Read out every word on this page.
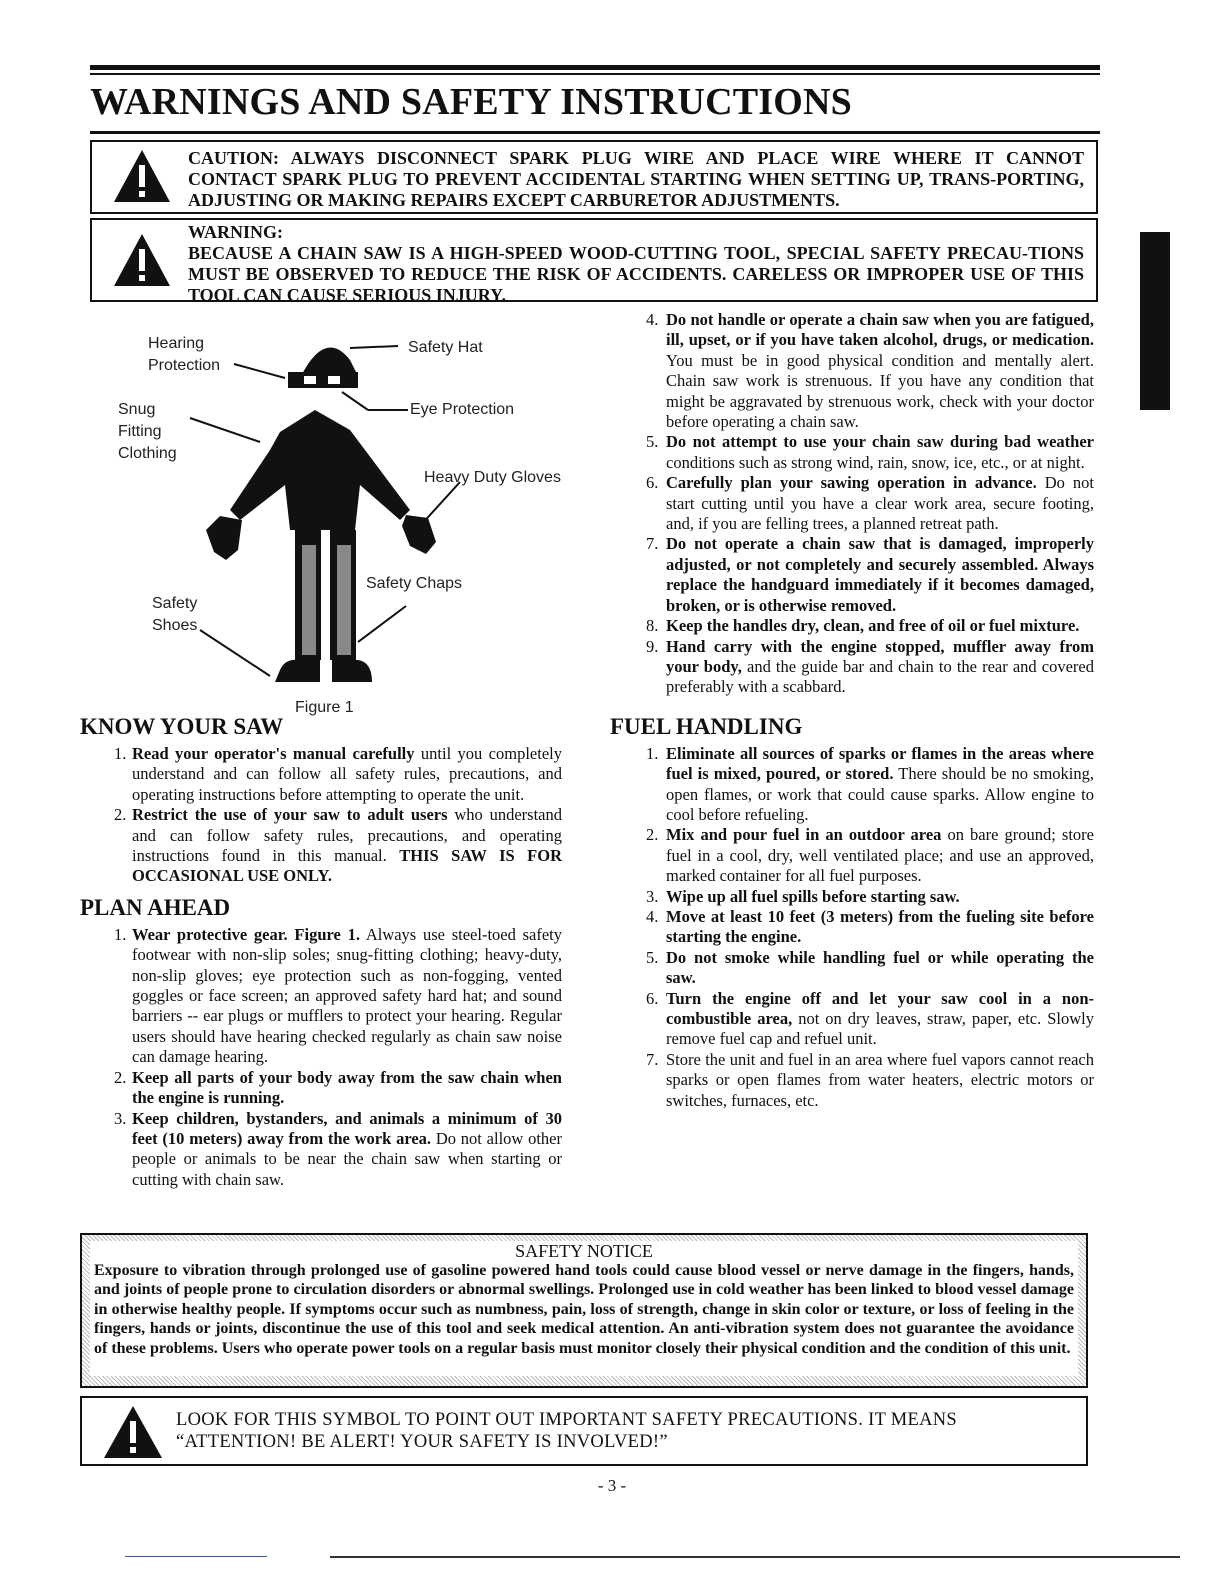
WARNINGS AND SAFETY INSTRUCTIONS
CAUTION: ALWAYS DISCONNECT SPARK PLUG WIRE AND PLACE WIRE WHERE IT CANNOT CONTACT SPARK PLUG TO PREVENT ACCIDENTAL STARTING WHEN SETTING UP, TRANS-PORTING, ADJUSTING OR MAKING REPAIRS EXCEPT CARBURETOR ADJUSTMENTS.
WARNING:
BECAUSE A CHAIN SAW IS A HIGH-SPEED WOOD-CUTTING TOOL, SPECIAL SAFETY PRECAU-TIONS MUST BE OBSERVED TO REDUCE THE RISK OF ACCIDENTS. CARELESS OR IMPROPER USE OF THIS TOOL CAN CAUSE SERIOUS INJURY.
Hearing
Protection
Safety Hat
Snug
Fitting
Clothing
Eye Protection
Heavy Duty Gloves
Safety Chaps
Safety
Shoes
Figure 1

KNOW YOUR SAW

1. Read your operator's manual carefully until you completely understand and can follow all safety rules, precautions, and operating instructions before attempting to operate the unit.
2. Restrict the use of your saw to adult users who understand and can follow safety rules, precautions, and operating instructions found in this manual. THIS SAW IS FOR OCCASIONAL USE ONLY.

PLAN AHEAD

1. Wear protective gear. Figure 1. Always use steel-toed safety footwear with non-slip soles; snug-fitting clothing; heavy-duty, non-slip gloves; eye protection such as non-fogging, vented goggles or face screen; an approved safety hard hat; and sound barriers -- ear plugs or mufflers to protect your hearing. Regular users should have hearing checked regularly as chain saw noise can damage hearing.
2. Keep all parts of your body away from the saw chain when the engine is running.
3. Keep children, bystanders, and animals a minimum of 30 feet (10 meters) away from the work area. Do not allow other people or animals to be near the chain saw when starting or cutting with chain saw.
4. Do not handle or operate a chain saw when you are fatigued, ill, upset, or if you have taken alcohol, drugs, or medication. You must be in good physical condition and mentally alert. Chain saw work is strenuous. If you have any condition that might be aggravated by strenuous work, check with your doctor before operating a chain saw.
5. Do not attempt to use your chain saw during bad weather conditions such as strong wind, rain, snow, ice, etc., or at night.
6. Carefully plan your sawing operation in advance. Do not start cutting until you have a clear work area, secure footing, and, if you are felling trees, a planned retreat path.
7. Do not operate a chain saw that is damaged, improperly adjusted, or not completely and securely assembled. Always replace the handguard immediately if it becomes damaged, broken, or is otherwise removed.
8. Keep the handles dry, clean, and free of oil or fuel mixture.
9. Hand carry with the engine stopped, muffler away from your body, and the guide bar and chain to the rear and covered preferably with a scabbard.

FUEL HANDLING

1. Eliminate all sources of sparks or flames in the areas where fuel is mixed, poured, or stored. There should be no smoking, open flames, or work that could cause sparks. Allow engine to cool before refueling.
2. Mix and pour fuel in an outdoor area on bare ground; store fuel in a cool, dry, well ventilated place; and use an approved, marked container for all fuel purposes.
3. Wipe up all fuel spills before starting saw.
4. Move at least 10 feet (3 meters) from the fueling site before starting the engine.
5. Do not smoke while handling fuel or while operating the saw.
6. Turn the engine off and let your saw cool in a non-combustible area, not on dry leaves, straw, paper, etc. Slowly remove fuel cap and refuel unit.
7. Store the unit and fuel in an area where fuel vapors cannot reach sparks or open flames from water heaters, electric motors or switches, furnaces, etc.
SAFETY NOTICE
Exposure to vibration through prolonged use of gasoline powered hand tools could cause blood vessel or nerve damage in the fingers, hands, and joints of people prone to circulation disorders or abnormal swellings. Prolonged use in cold weather has been linked to blood vessel damage in otherwise healthy people. If symptoms occur such as numbness, pain, loss of strength, change in skin color or texture, or loss of feeling in the fingers, hands or joints, discontinue the use of this tool and seek medical attention. An anti-vibration system does not guarantee the avoidance of these problems. Users who operate power tools on a regular basis must monitor closely their physical condition and the condition of this unit.
LOOK FOR THIS SYMBOL TO POINT OUT IMPORTANT SAFETY PRECAUTIONS. IT MEANS
“ATTENTION! BE ALERT! YOUR SAFETY IS INVOLVED!”
- 3 -
